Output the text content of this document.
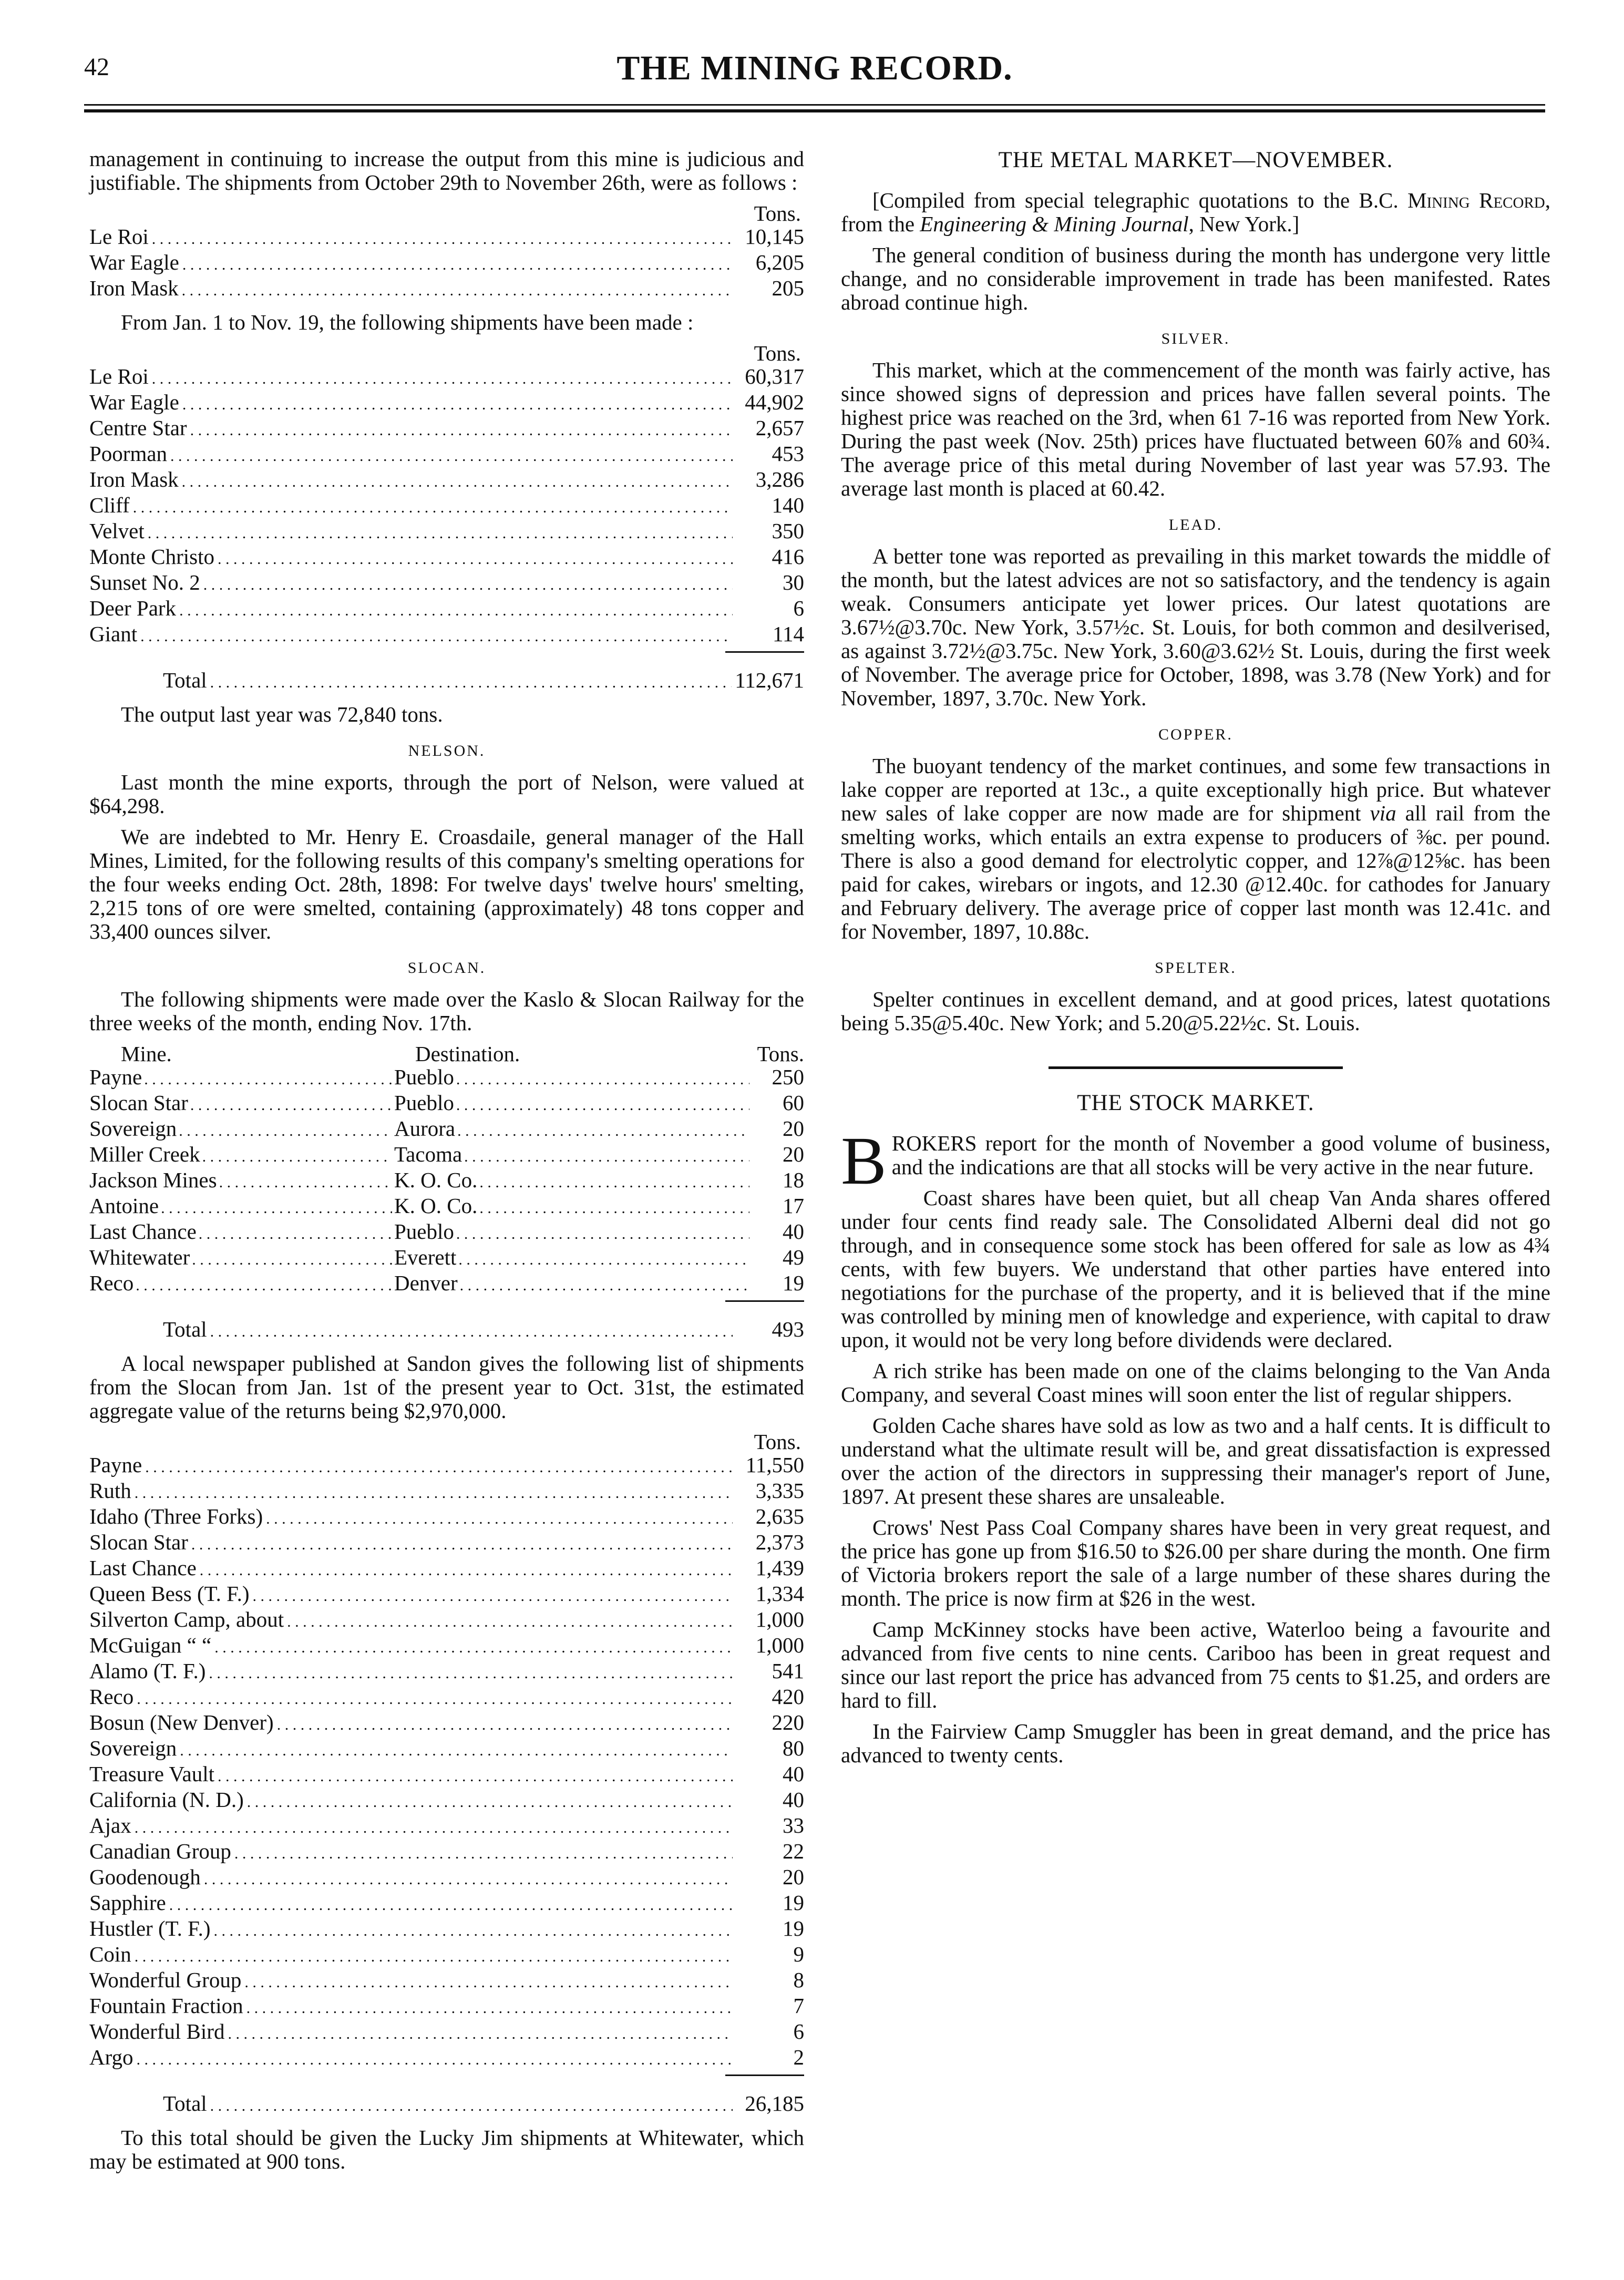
42	THE MINING RECORD.

management in continuing to increase the output from this mine is judicious and justifiable. The shipments from October 29th to November 26th, were as follows :

Tons.
Le Roi . . .	10,145
War Eagle . . .	6,205
Iron Mask . . .	205

From Jan. 1 to Nov. 19, the following shipments have been made :

Tons.
Le Roi . . .	60,317
War Eagle . . .	44,902
Centre Star . . .	2,657
Poorman . . .	453
Iron Mask . . .	3,286
Cliff . . .	140
Velvet . . .	350
Monte Christo . . .	416
Sunset No. 2 . . .	30
Deer Park . . .	6
Giant . . .	114
Total . . .	112,671

The output last year was 72,840 tons.

NELSON.

Last month the mine exports, through the port of Nelson, were valued at $64,298.

We are indebted to Mr. Henry E. Croasdaile, general manager of the Hall Mines, Limited, for the following results of this company's smelting operations for the four weeks ending Oct. 28th, 1898: For twelve days' twelve hours' smelting, 2,215 tons of ore were smelted, containing (approximately) 48 tons copper and 33,400 ounces silver.

SLOCAN.

The following shipments were made over the Kaslo & Slocan Railway for the three weeks of the month, ending Nov. 17th.

Mine.	Destination.	Tons.
Payne . . .	Pueblo . . .	250
Slocan Star . . .	Pueblo . . .	60
Sovereign . . .	Aurora . . .	20
Miller Creek . . .	Tacoma . . .	20
Jackson Mines . . .	K. O. Co. . . .	18
Antoine . . .	K. O. Co. . . .	17
Last Chance . . .	Pueblo . . .	40
Whitewater . . .	Everett . . .	49
Reco . . .	Denver . . .	19
Total . . .	493

A local newspaper published at Sandon gives the following list of shipments from the Slocan from Jan. 1st of the present year to Oct. 31st, the estimated aggregate value of the returns being $2,970,000.

Tons.
Payne . . .	11,550
Ruth . . .	3,335
Idaho (Three Forks) . . .	2,635
Slocan Star . . .	2,373
Last Chance . . .	1,439
Queen Bess (T. F.) . . .	1,334
Silverton Camp, about . . .	1,000
McGuigan “ “ . . .	1,000
Alamo (T. F.) . . .	541
Reco . . .	420
Bosun (New Denver) . . .	220
Sovereign . . .	80
Treasure Vault . . .	40
California (N. D.) . . .	40
Ajax . . .	33
Canadian Group . . .	22
Goodenough . . .	20
Sapphire . . .	19
Hustler (T. F.) . . .	19
Coin . . .	9
Wonderful Group . . .	8
Fountain Fraction . . .	7
Wonderful Bird . . .	6
Argo . . .	2
Total . . .	26,185

To this total should be given the Lucky Jim shipments at Whitewater, which may be estimated at 900 tons.

THE METAL MARKET—NOVEMBER.

[Compiled from special telegraphic quotations to the B.C. Mining Record, from the Engineering & Mining Journal, New York.]

The general condition of business during the month has undergone very little change, and no considerable improvement in trade has been manifested. Rates abroad continue high.

SILVER.

This market, which at the commencement of the month was fairly active, has since showed signs of depression and prices have fallen several points. The highest price was reached on the 3rd, when 61 7-16 was reported from New York. During the past week (Nov. 25th) prices have fluctuated between 60⅞ and 60¾. The average price of this metal during November of last year was 57.93. The average last month is placed at 60.42.

LEAD.

A better tone was reported as prevailing in this market towards the middle of the month, but the latest advices are not so satisfactory, and the tendency is again weak. Consumers anticipate yet lower prices. Our latest quotations are 3.67½@3.70c. New York, 3.57½c. St. Louis, for both common and desilverised, as against 3.72½@3.75c. New York, 3.60@3.62½ St. Louis, during the first week of November. The average price for October, 1898, was 3.78 (New York) and for November, 1897, 3.70c. New York.

COPPER.

The buoyant tendency of the market continues, and some few transactions in lake copper are reported at 13c., a quite exceptionally high price. But whatever new sales of lake copper are now made are for shipment via all rail from the smelting works, which entails an extra expense to producers of ⅜c. per pound. There is also a good demand for electrolytic copper, and 12⅞@12⅝c. has been paid for cakes, wirebars or ingots, and 12.30 @12.40c. for cathodes for January and February delivery. The average price of copper last month was 12.41c. and for November, 1897, 10.88c.

SPELTER.

Spelter continues in excellent demand, and at good prices, latest quotations being 5.35@5.40c. New York; and 5.20@5.22½c. St. Louis.

THE STOCK MARKET.

BROKERS report for the month of November a good volume of business, and the indications are that all stocks will be very active in the near future.

Coast shares have been quiet, but all cheap Van Anda shares offered under four cents find ready sale. The Consolidated Alberni deal did not go through, and in consequence some stock has been offered for sale as low as 4¾ cents, with few buyers. We understand that other parties have entered into negotiations for the purchase of the property, and it is believed that if the mine was controlled by mining men of knowledge and experience, with capital to draw upon, it would not be very long before dividends were declared.

A rich strike has been made on one of the claims belonging to the Van Anda Company, and several Coast mines will soon enter the list of regular shippers.

Golden Cache shares have sold as low as two and a half cents. It is difficult to understand what the ultimate result will be, and great dissatisfaction is expressed over the action of the directors in suppressing their manager's report of June, 1897. At present these shares are unsaleable.

Crows' Nest Pass Coal Company shares have been in very great request, and the price has gone up from $16.50 to $26.00 per share during the month. One firm of Victoria brokers report the sale of a large number of these shares during the month. The price is now firm at $26 in the west.

Camp McKinney stocks have been active, Waterloo being a favourite and advanced from five cents to nine cents. Cariboo has been in great request and since our last report the price has advanced from 75 cents to $1.25, and orders are hard to fill.

In the Fairview Camp Smuggler has been in great demand, and the price has advanced to twenty cents.
